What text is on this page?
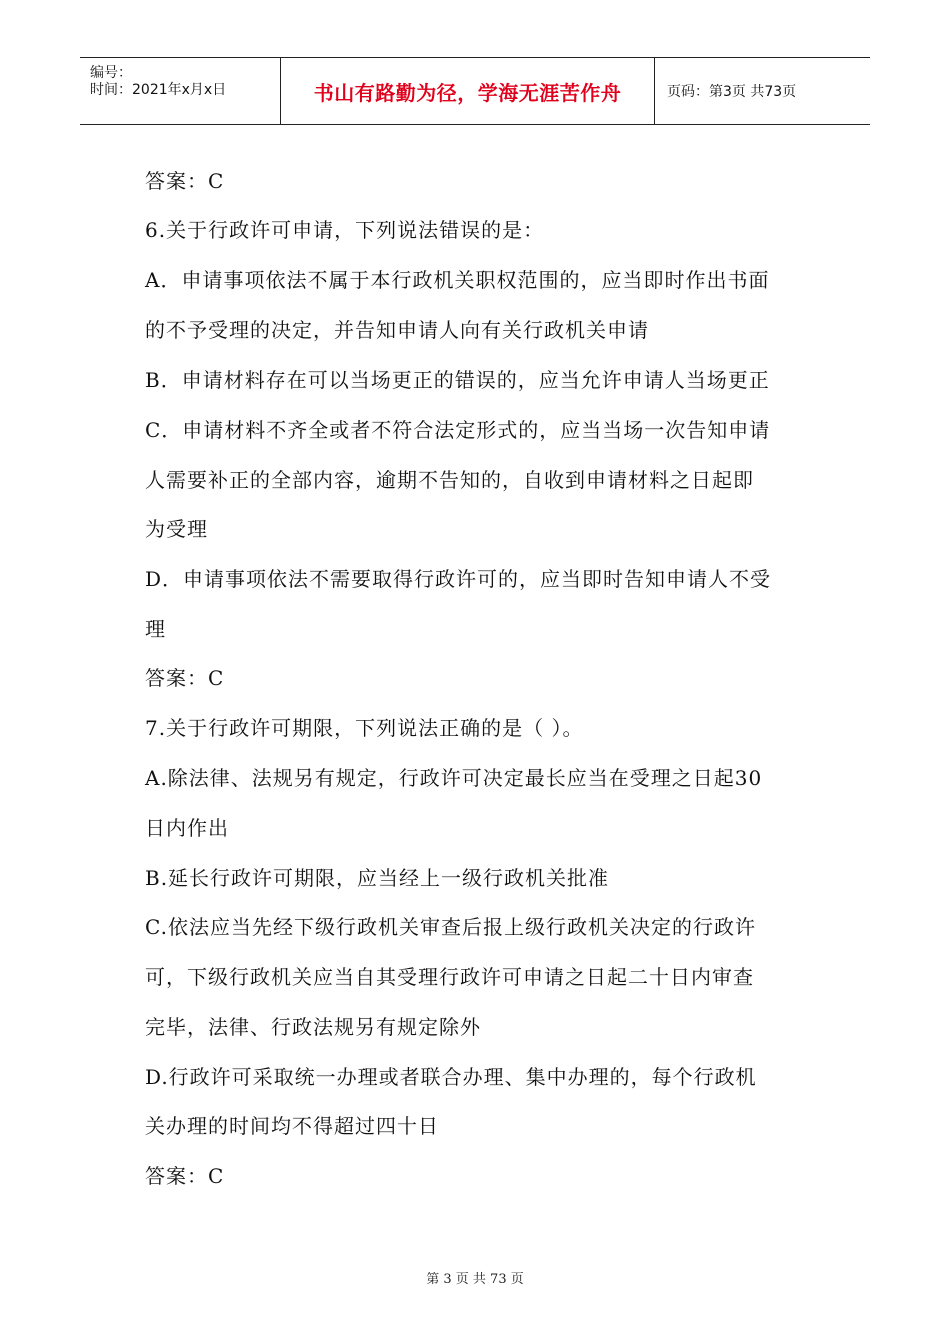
编号：
时间：2021年x月x日	书山有路勤为径，学海无涯苦作舟	页码：第3页 共73页
答案：C
6.关于行政许可申请，下列说法错误的是：
A．申请事项依法不属于本行政机关职权范围的，应当即时作出书面
的不予受理的决定，并告知申请人向有关行政机关申请
B．申请材料存在可以当场更正的错误的，应当允许申请人当场更正
C．申请材料不齐全或者不符合法定形式的，应当当场一次告知申请
人需要补正的全部内容，逾期不告知的，自收到申请材料之日起即
为受理
D．申请事项依法不需要取得行政许可的，应当即时告知申请人不受
理
答案：C
7.关于行政许可期限，下列说法正确的是（ ）。
A.除法律、法规另有规定，行政许可决定最长应当在受理之日起30
日内作出
B.延长行政许可期限，应当经上一级行政机关批准
C.依法应当先经下级行政机关审查后报上级行政机关决定的行政许
可，下级行政机关应当自其受理行政许可申请之日起二十日内审查
完毕，法律、行政法规另有规定除外
D.行政许可采取统一办理或者联合办理、集中办理的，每个行政机
关办理的时间均不得超过四十日
答案：C
第 3 页 共 73 页
